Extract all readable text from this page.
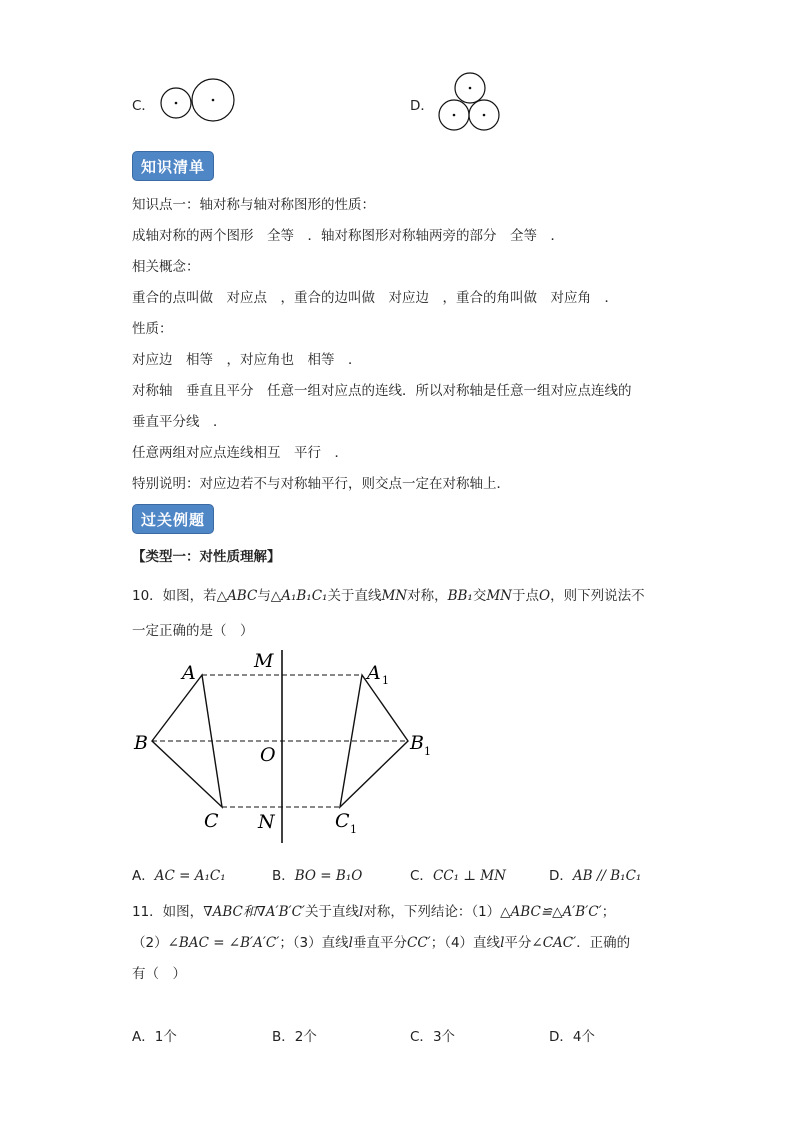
C．	D．
知识清单
知识点一：轴对称与轴对称图形的性质：
成轴对称的两个图形　全等　．轴对称图形对称轴两旁的部分　全等　．
相关概念：
重合的点叫做　对应点　，重合的边叫做　对应边　，重合的角叫做　对应角　．
性质：
对应边　相等　，对应角也　相等　．
对称轴　垂直且平分　任意一组对应点的连线．所以对称轴是任意一组对应点连线的
垂直平分线　．
任意两组对应点连线相互　平行　．
特别说明：对应边若不与对称轴平行，则交点一定在对称轴上．
过关例题
【类型一：对性质理解】
10．如图，若△ABC与△A₁B₁C₁关于直线MN对称，BB₁交MN于点O，则下列说法不
一定正确的是（　）
M
N
O
A
B
C
A 1
B 1
C 1
A．AC = A₁C₁	B．BO = B₁O	C．CC₁ ⊥ MN	D．AB // B₁C₁
11．如图，∇ABC和∇A′B′C′关于直线l对称，下列结论：（1）△ABC≌△A′B′C′；
（2）∠BAC = ∠B′A′C′；（3）直线l垂直平分CC′；（4）直线l平分∠CAC′．正确的
有（　）
A．1个	B．2个	C．3个	D．4个
